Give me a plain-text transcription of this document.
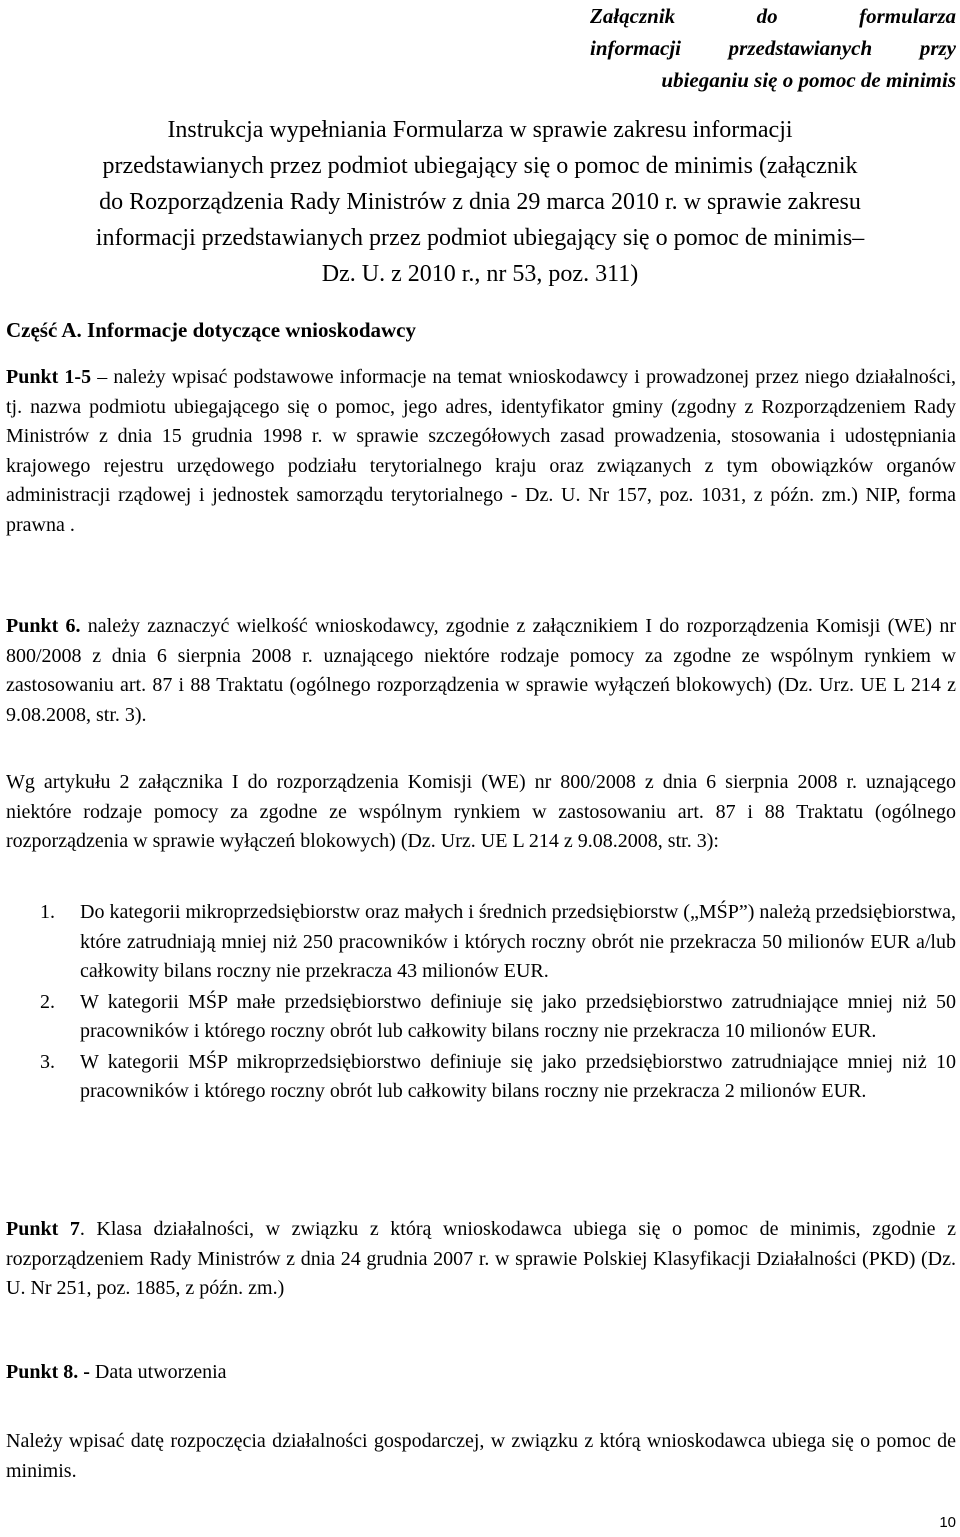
Załącznik do formularza
informacji przedstawianych przy
ubieganiu się o pomoc de minimis
Instrukcja wypełniania Formularza w sprawie zakresu informacji
przedstawianych przez podmiot ubiegający się o pomoc de minimis (załącznik
do Rozporządzenia Rady Ministrów z dnia 29 marca 2010 r. w sprawie zakresu
informacji przedstawianych przez podmiot ubiegający się o pomoc de minimis–
Dz. U. z 2010 r., nr 53, poz. 311)
Część A. Informacje dotyczące wnioskodawcy

Punkt 1-5 – należy wpisać podstawowe informacje na temat wnioskodawcy i prowadzonej przez niego działalności, tj. nazwa podmiotu ubiegającego się o pomoc, jego adres, identyfikator gminy (zgodny z Rozporządzeniem Rady Ministrów z dnia 15 grudnia 1998 r. w sprawie szczegółowych zasad prowadzenia, stosowania i udostępniania krajowego rejestru urzędowego podziału terytorialnego kraju oraz związanych z tym obowiązków organów administracji rządowej i jednostek samorządu terytorialnego - Dz. U. Nr 157, poz. 1031, z późn. zm.) NIP, forma prawna .

Punkt 6. należy zaznaczyć wielkość wnioskodawcy, zgodnie z załącznikiem I do rozporządzenia Komisji (WE) nr 800/2008 z dnia 6 sierpnia 2008 r. uznającego niektóre rodzaje pomocy za zgodne ze wspólnym rynkiem w zastosowaniu art. 87 i 88 Traktatu (ogólnego rozporządzenia w sprawie wyłączeń blokowych) (Dz. Urz. UE L 214 z 9.08.2008, str. 3).

Wg artykułu 2 załącznika I do rozporządzenia Komisji (WE) nr 800/2008 z dnia 6 sierpnia 2008 r. uznającego niektóre rodzaje pomocy za zgodne ze wspólnym rynkiem w zastosowaniu art. 87 i 88 Traktatu (ogólnego rozporządzenia w sprawie wyłączeń blokowych) (Dz. Urz. UE L 214 z 9.08.2008, str. 3):

1. Do kategorii mikroprzedsiębiorstw oraz małych i średnich przedsiębiorstw („MŚP”) należą przedsiębiorstwa, które zatrudniają mniej niż 250 pracowników i których roczny obrót nie przekracza 50 milionów EUR a/lub całkowity bilans roczny nie przekracza 43 milionów EUR.
2. W kategorii MŚP małe przedsiębiorstwo definiuje się jako przedsiębiorstwo zatrudniające mniej niż 50 pracowników i którego roczny obrót lub całkowity bilans roczny nie przekracza 10 milionów EUR.
3. W kategorii MŚP mikroprzedsiębiorstwo definiuje się jako przedsiębiorstwo zatrudniające mniej niż 10 pracowników i którego roczny obrót lub całkowity bilans roczny nie przekracza 2 milionów EUR.

Punkt 7. Klasa działalności, w związku z którą wnioskodawca ubiega się o pomoc de minimis, zgodnie z rozporządzeniem Rady Ministrów z dnia 24 grudnia 2007 r. w sprawie Polskiej Klasyfikacji Działalności (PKD) (Dz. U. Nr 251, poz. 1885, z późn. zm.)

Punkt 8. - Data utworzenia

Należy wpisać datę rozpoczęcia działalności gospodarczej, w związku z którą wnioskodawca ubiega się o pomoc de minimis.

10
